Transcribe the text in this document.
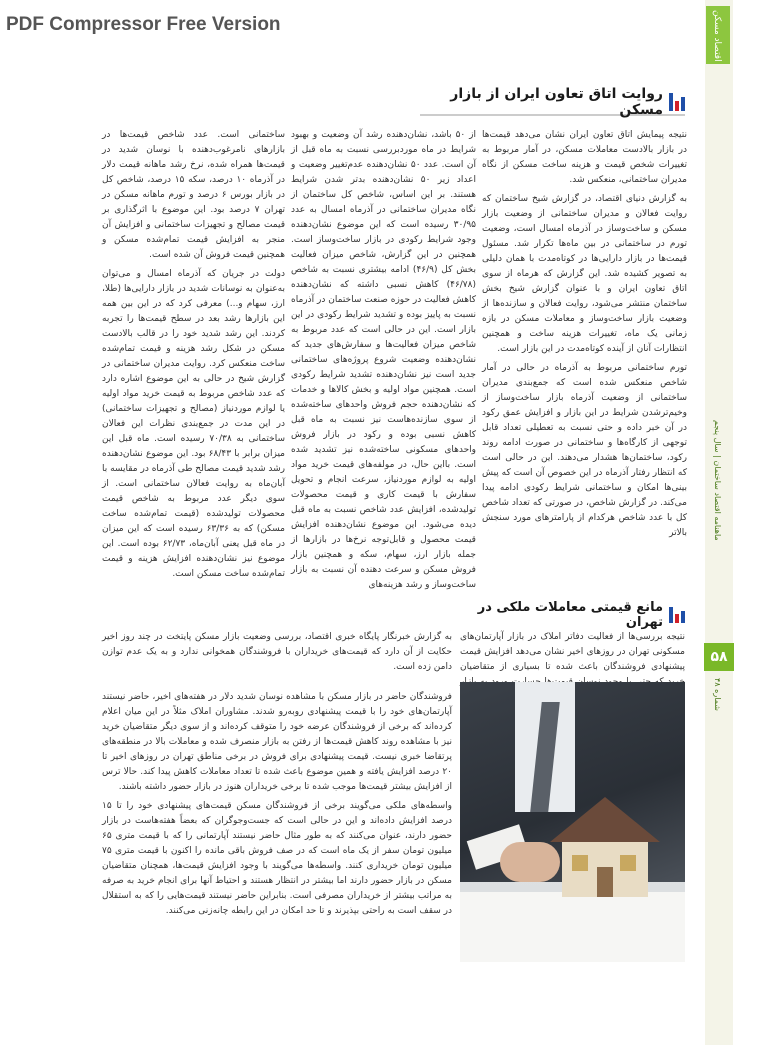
PDF Compressor Free Version	اقتصاد مسکن
ماهنامه اقتصاد ساختمان | سال پنجم
۵۸
شماره ۴۸
روایت اتاق تعاون ایران از بازار مسکن

نتیجه پیمایش اتاق تعاون ایران نشان می‌دهد قیمت‌ها در بازار بالادست معاملات مسکن، در آمار مربوط به تغییرات شخص قیمت و هزینه ساخت مسکن از نگاه مدیران ساختمانی، منعکس شد.

به گزارش دنیای اقتصاد، در گزارش شیخ ساختمان که روایت فعالان و مدیران ساختمانی از وضعیت بازار مسکن و ساخت‌وساز در آذرماه امسال است، وضعیت تورم در ساختمانی در بین ماه‌ها تکرار شد. مسئول قیمت‌ها در بازار دارایی‌ها در کوتاه‌مدت با همان دلیلی به تصویر کشیده شد. این گزارش که هرماه از سوی اتاق تعاون ایران و با عنوان گزارش شیخ بخش ساختمان منتشر می‌شود، روایت فعالان و سازنده‌ها از وضعیت بازار ساخت‌وساز و معاملات مسکن در بازه زمانی یک ماه، تغییرات هزینه ساخت و همچنین انتظارات آنان از آینده کوتاه‌مدت در این بازار است.

تورم ساختمانی مربوط به آذرماه در حالی در آمار شاخص منعکس شده است که جمع‌بندی مدیران ساختمانی از وضعیت آذرماه بازار ساخت‌وساز از وخیم‌ترشدن شرایط در این بازار و افزایش عمق رکود در آن خبر داده و حتی نسبت به تعطیلی تعداد قابل توجهی از کارگاه‌ها و ساختمانی در صورت ادامه روند رکود، ساختمان‌ها هشدار می‌دهند. این در حالی است که انتظار رفتار آذرماه در این خصوص آن است که پیش بینی‌ها امکان و ساختمانی شرایط رکودی ادامه پیدا می‌کند. در گزارش شاخص، در صورتی که تعداد شاخص کل با عدد شاخص هرکدام از پارامترهای مورد سنجش بالاتر

از ۵۰ باشد، نشان‌دهنده رشد آن وضعیت و بهبود شرایط در ماه موردبررسی نسبت به ماه قبل از آن است. عدد ۵۰ نشان‌دهنده عدم‌تغییر وضعیت و اعداد زیر ۵۰ نشان‌دهنده بدتر شدن شرایط هستند. بر این اساس، شاخص کل ساختمان از نگاه مدیران ساختمانی در آذرماه امسال به عدد ۳۰/۹۵ رسیده است که این موضوع نشان‌دهنده وجود شرایط رکودی در بازار ساخت‌وساز است. همچنین در این گزارش، شاخص میزان فعالیت بخش کل (۴۶/۹) ادامه بیشتری نسبت به شاخص (۴۶/۷۸) کاهش نسبی داشته که نشان‌دهنده کاهش فعالیت در حوزه صنعت ساختمان در آذرماه نسبت به پاییز بوده و تشدید شرایط رکودی در این بازار است. این در حالی است که عدد مربوط به شاخص میزان فعالیت‌ها و سفارش‌های جدید که نشان‌دهنده وضعیت شروع پروژه‌های ساختمانی جدید است نیز نشان‌دهنده تشدید شرایط رکودی است. همچنین مواد اولیه و بخش کالاها و خدمات که نشان‌دهنده حجم فروش واحدهای ساخته‌شده از سوی سازنده‌هاست نیز نسبت به ماه قبل کاهش نسبی بوده و رکود در بازار فروش واحدهای مسکونی ساخته‌شده نیز تشدید شده است. بااین حال، در مولفه‌های قیمت خرید مواد اولیه به لوازم موردنیاز، سرعت انجام و تحویل سفارش با قیمت کاری و قیمت محصولات تولیدشده، افزایش عدد شاخص نسبت به ماه قبل دیده می‌شود. این موضوع نشان‌دهنده افزایش قیمت محصول و قابل‌توجه نرخ‌ها در بازارها از جمله بازار ارز، سهام، سکه و همچنین بازار فروش مسکن و سرعت دهنده آن نسبت به بازار ساخت‌وساز و رشد هزینه‌های

ساختمانی است. عدد شاخص قیمت‌ها در بازار‌های نامرغوب‌دهنده با نوسان شدید در قیمت‌ها همراه شده، نرخ رشد ماهانه قیمت دلار در آذرماه ۱۰ درصد، سکه ۱۵ درصد، شاخص کل در بازار بورس ۶ درصد و تورم ماهانه مسکن در تهران ۷ درصد بود. این موضوع با اثرگذاری بر قیمت مصالح و تجهیزات ساختمانی و افزایش آن منجر به افزایش قیمت تمام‌شده مسکن و همچنین قیمت فروش آن شده است.

دولت در جریان که آذرماه امسال و می‌توان به‌عنوان به نوسانات شدید در بازار دارایی‌ها (طلا، ارز، سهام و...) معرفی کرد که در این بین همه این بازارها رشد بعد در سطح قیمت‌ها را تجربه کردند. این رشد شدید خود را در قالب بالادست مسکن در شکل رشد هزینه و قیمت تمام‌شده ساخت منعکس کرد. روایت مدیران ساختمانی در گزارش شیخ در حالی به این موضوع اشاره دارد که عدد شاخص مربوط به قیمت خرید مواد اولیه یا لوازم موردنیاز (مصالح و تجهیزات ساختمانی) در این مدت در جمع‌بندی نظرات این فعالان ساختمانی به ۷۰/۳۸ رسیده است. ماه قبل این میزان برابر با ۶۸/۴۳ بود. این موضوع نشان‌دهنده رشد شدید قیمت مصالح طی آذرماه در مقایسه با آبان‌ماه به روایت فعالان ساختمانی است. از سوی دیگر عدد مربوط به شاخص قیمت محصولات تولیدشده (قیمت تمام‌شده ساخت مسکن) که به ۶۳/۳۶ رسیده است که این میزان در ماه قبل یعنی آبان‌ماه، ۶۲/۷۳ بوده است. این موضوع نیز نشان‌دهنده افزایش هزینه و قیمت تمام‌شده ساخت مسکن است.

مانع قیمتی معاملات ملکی در تهران

نتیجه بررسی‌ها از فعالیت دفاتر املاک در بازار آپارتمان‌های مسکونی تهران در روزهای اخیر نشان می‌دهد افزایش قیمت پیشنهادی فروشندگان باعث شده تا بسیاری از متقاضیان

به گزارش خبرنگار پایگاه خبری اقتصاد، بررسی وضعیت بازار مسکن پایتخت در چند روز اخیر حکایت از آن دارد که قیمت‌های خریداران با فروشندگان همخوانی ندارد و به یک عدم توازن دامن زده است.

فروشندگان حاضر در بازار مسکن با مشاهده نوسان شدید دلار در هفته‌های اخیر، حاضر نیستند آپارتمان‌های خود را با قیمت پیشنهادی روبه‌رو شدند. مشاوران املاک مثلاً در این میان اعلام کرده‌اند که برخی از فروشندگان عرضه خود را متوقف کرده‌اند و از سوی دیگر متقاضیان خرید نیز با مشاهده روند کاهش قیمت‌ها از رفتن به بازار منصرف شده و معاملات بالا در منطقه‌های پرتقاضا خبری نیست. قیمت پیشنهادی برای فروش در برخی مناطق تهران در روزهای اخیر تا ۲۰ درصد افزایش یافته و همین موضوع باعث شده تا تعداد معاملات کاهش پیدا کند. حالا ترس از افزایش بیشتر قیمت‌ها موجب شده تا برخی خریداران هنوز در بازار حضور داشته باشند.

واسطه‌های ملکی می‌گویند برخی از فروشندگان مسکن قیمت‌های پیشنهادی خود را تا ۱۵ درصد افزایش داده‌اند و این در حالی است که جست‌وجوگران که بعضاً هفته‌هاست در بازار حضور دارند، عنوان می‌کنند که به طور مثال حاضر نیستند آپارتمانی را که با قیمت متری ۶۵ میلیون تومان سفر از یک ماه است که در صف فروش باقی مانده را اکنون با قیمت متری ۷۵ میلیون تومان خریداری کنند. واسطه‌ها می‌گویند با وجود افزایش قیمت‌ها، همچنان متقاضیان مسکن در بازار حضور دارند اما بیشتر در انتظار هستند و احتیاط آنها برای انجام خرید به صرفه به مراتب بیشتر از خریداران مصرفی است. بنابراین حاضر نیستند قیمت‌هایی را که به استقلال در سقف است به راحتی بپذیرند و تا حد امکان در این رابطه چانه‌زنی می‌کنند.
